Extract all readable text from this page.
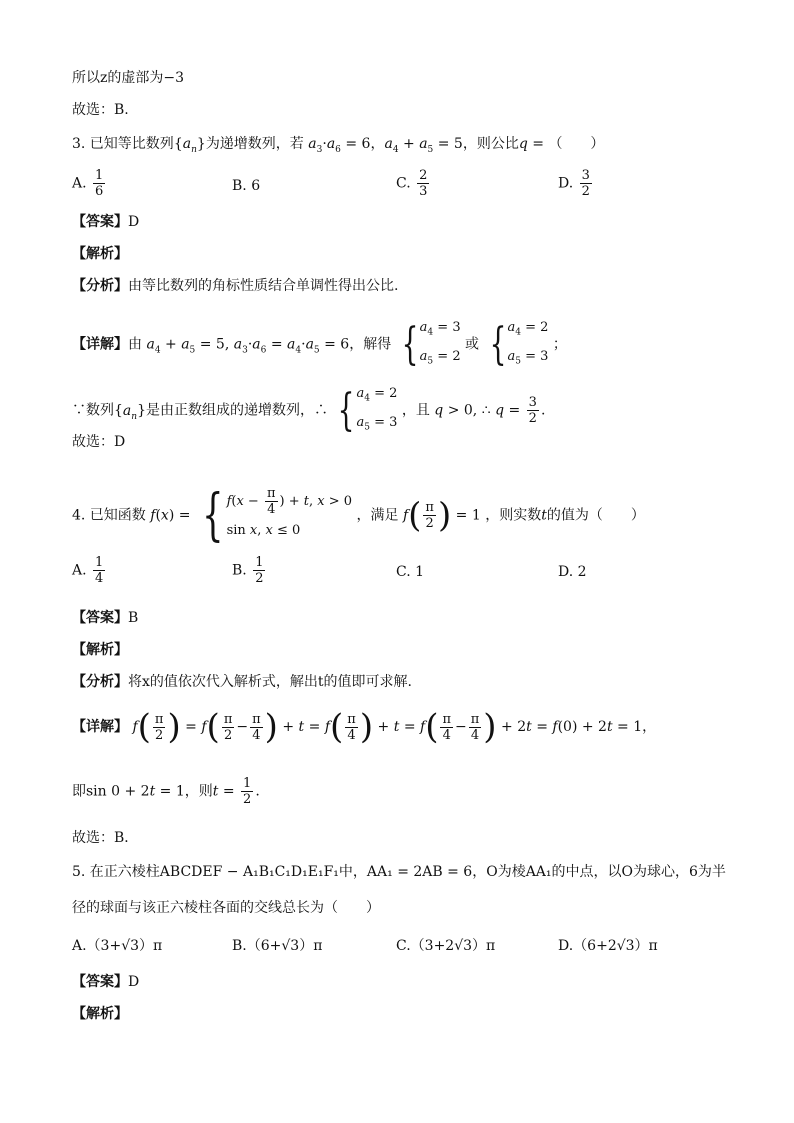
所以z的虚部为−3
故选：B.
3. 已知等比数列$\{a_n\}$为递增数列，若 $a_3\cdot a_6 = 6$，$a_4 + a_5 = 5$，则公比q = （　　）
A. $\frac{1}{6}$	B. 6	C. $\frac{2}{3}$	D. $\frac{3}{2}$
【答案】D
【解析】
【分析】由等比数列的角标性质结合单调性得出公比.
【详解】由 $a_4 + a_5 = 5$, $a_3\cdot a_6 = a_4\cdot a_5 = 6$，解得 { $a_4 = 3$
$a_5 = 2$
或 { $a_4 = 2$
$a_5 = 3$
；
∵数列$\{a_n\}$是由正数组成的递增数列，∴ { $a_4 = 2$
$a_5 = 3$
，且 q > 0, ∴ $q = \frac{3}{2}$ .
故选：D
4. 已知函数 f(x) = { $f(x - \frac{\pi}{4}$ ) + t, x > 0
sin x, x ≤ 0
，满足 $f( \frac{\pi}{2}$ ) = 1 ，则实数t的值为（　　）
A. $\frac{1}{4}$	B. $\frac{1}{2}$	C. 1	D. 2
【答案】B
【解析】
【分析】将x的值依次代入解析式，解出t的值即可求解.
【详解】 $f( \frac{\pi}{2}$ ) = $f( \frac{\pi}{2} - \frac{\pi}{4}$ ) + $t = f( \frac{\pi}{4}$ ) + $t = f( \frac{\pi}{4} - \frac{\pi}{4}$ ) + 2t = f(0) + 2t = 1，
即sin 0 + 2t = 1，则$t = \frac{1}{2}$ .
故选：B．
5. 在正六棱柱ABCDEF − A₁B₁C₁D₁E₁F₁中，AA₁ = 2AB = 6，O为棱AA₁的中点，以O为球心，6为半
径的球面与该正六棱柱各面的交线总长为（　　）
A.（3+√3）π	B.（6+√3）π	C.（3+2√3）π	D.（6+2√3）π
【答案】D
【解析】
